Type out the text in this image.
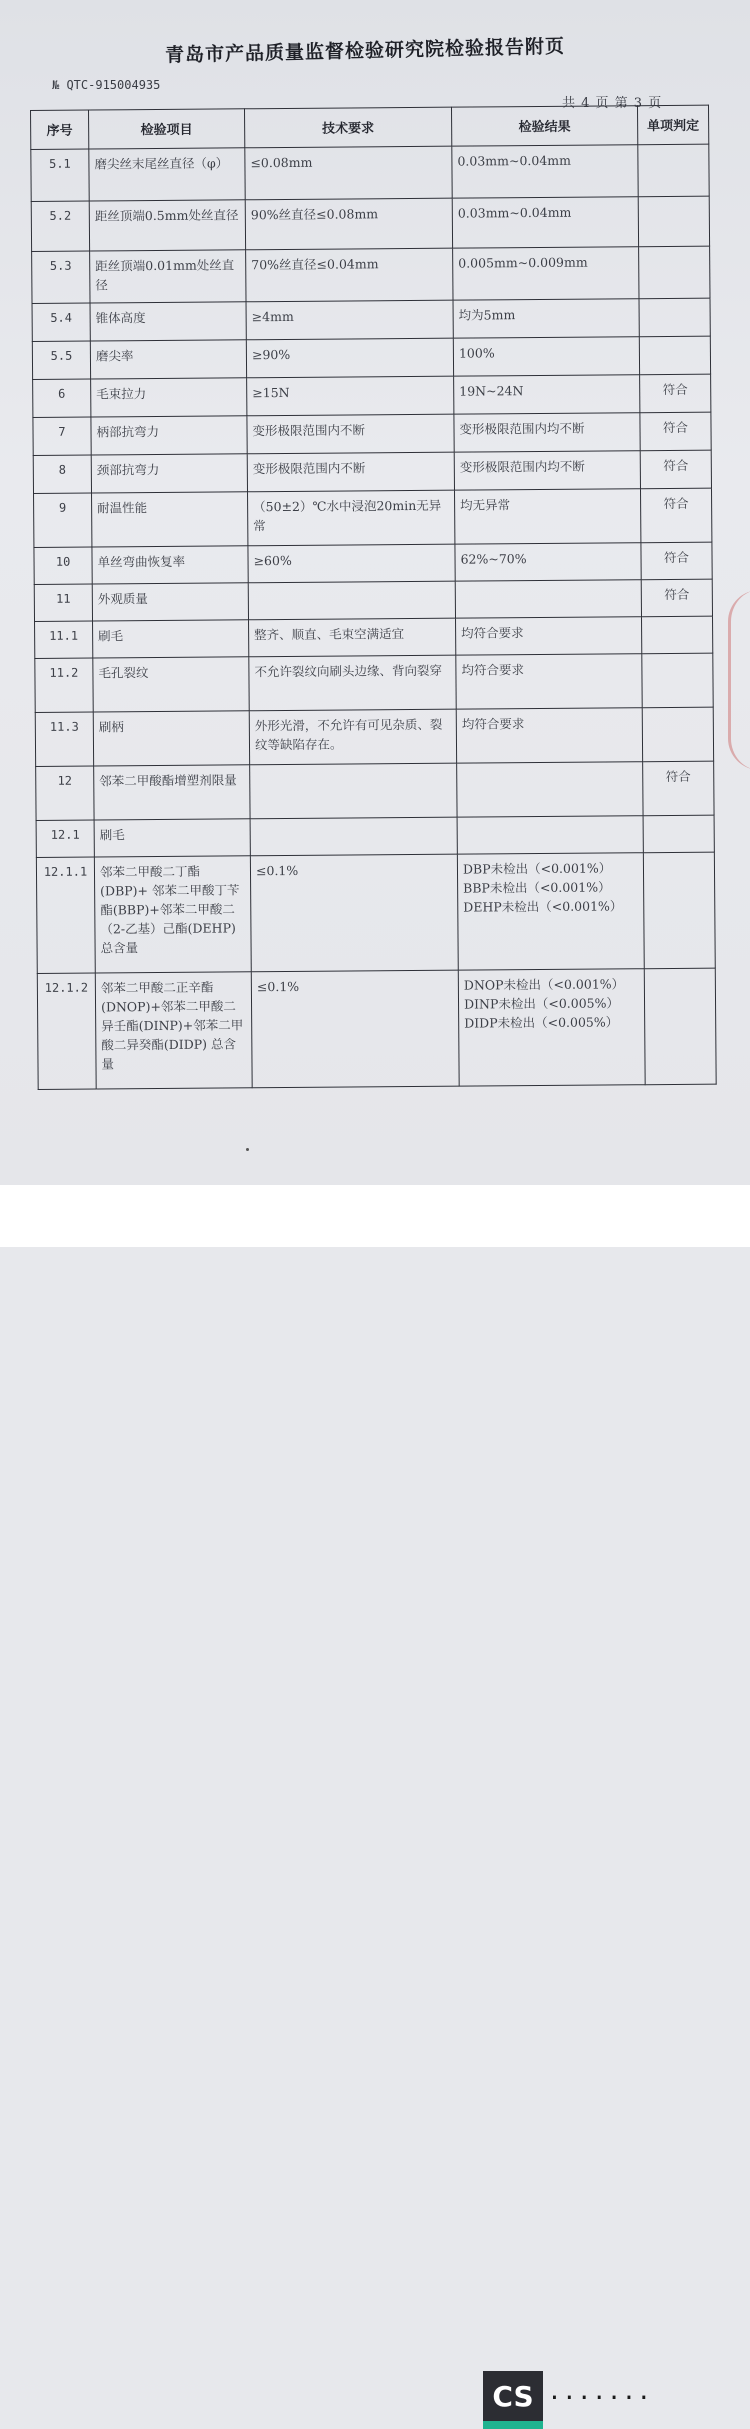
青岛市产品质量监督检验研究院检验报告附页
№ QTC-915004935
共 4 页 第 3 页
序号	检验项目	技术要求	检验结果	单项判定
5.1	磨尖丝末尾丝直径（φ）	≤0.08mm	0.03mm~0.04mm	

5.2	距丝顶端0.5mm处丝直径	90%丝直径≤0.08mm	0.03mm~0.04mm	

5.3	距丝顶端0.01mm处丝直径	70%丝直径≤0.04mm	0.005mm~0.009mm	

5.4	锥体高度	≥4mm	均为5mm	

5.5	磨尖率	≥90%	100%	

6	毛束拉力	≥15N	19N~24N	符合
7	柄部抗弯力	变形极限范围内不断	变形极限范围内均不断	符合
8	颈部抗弯力	变形极限范围内不断	变形极限范围内均不断	符合
9	耐温性能	（50±2）℃水中浸泡20min无异常	均无异常	符合
10	单丝弯曲恢复率	≥60%	62%~70%	符合
11	外观质量			符合
11.1	刷毛	整齐、顺直、毛束空满适宜	均符合要求	

11.2	毛孔裂纹	不允许裂纹向刷头边缘、背向裂穿	均符合要求	

11.3	刷柄	外形光滑，不允许有可见杂质、裂纹等缺陷存在。	均符合要求	

12	邻苯二甲酸酯增塑剂限量			符合
12.1	刷毛			

12.1.1	邻苯二甲酸二丁酯(DBP)+ 邻苯二甲酸丁苄酯(BBP)+邻苯二甲酸二（2-乙基）己酯(DEHP)总含量	≤0.1%	DBP未检出（<0.001%）
BBP未检出（<0.001%）
DEHP未检出（<0.001%）	

12.1.2	邻苯二甲酸二正辛酯(DNOP)+邻苯二甲酸二异壬酯(DINP)+邻苯二甲酸二异癸酯(DIDP) 总含量	≤0.1%	DNOP未检出（<0.001%）
DINP未检出（<0.005%）
DIDP未检出（<0.005%）	

CS ·······
